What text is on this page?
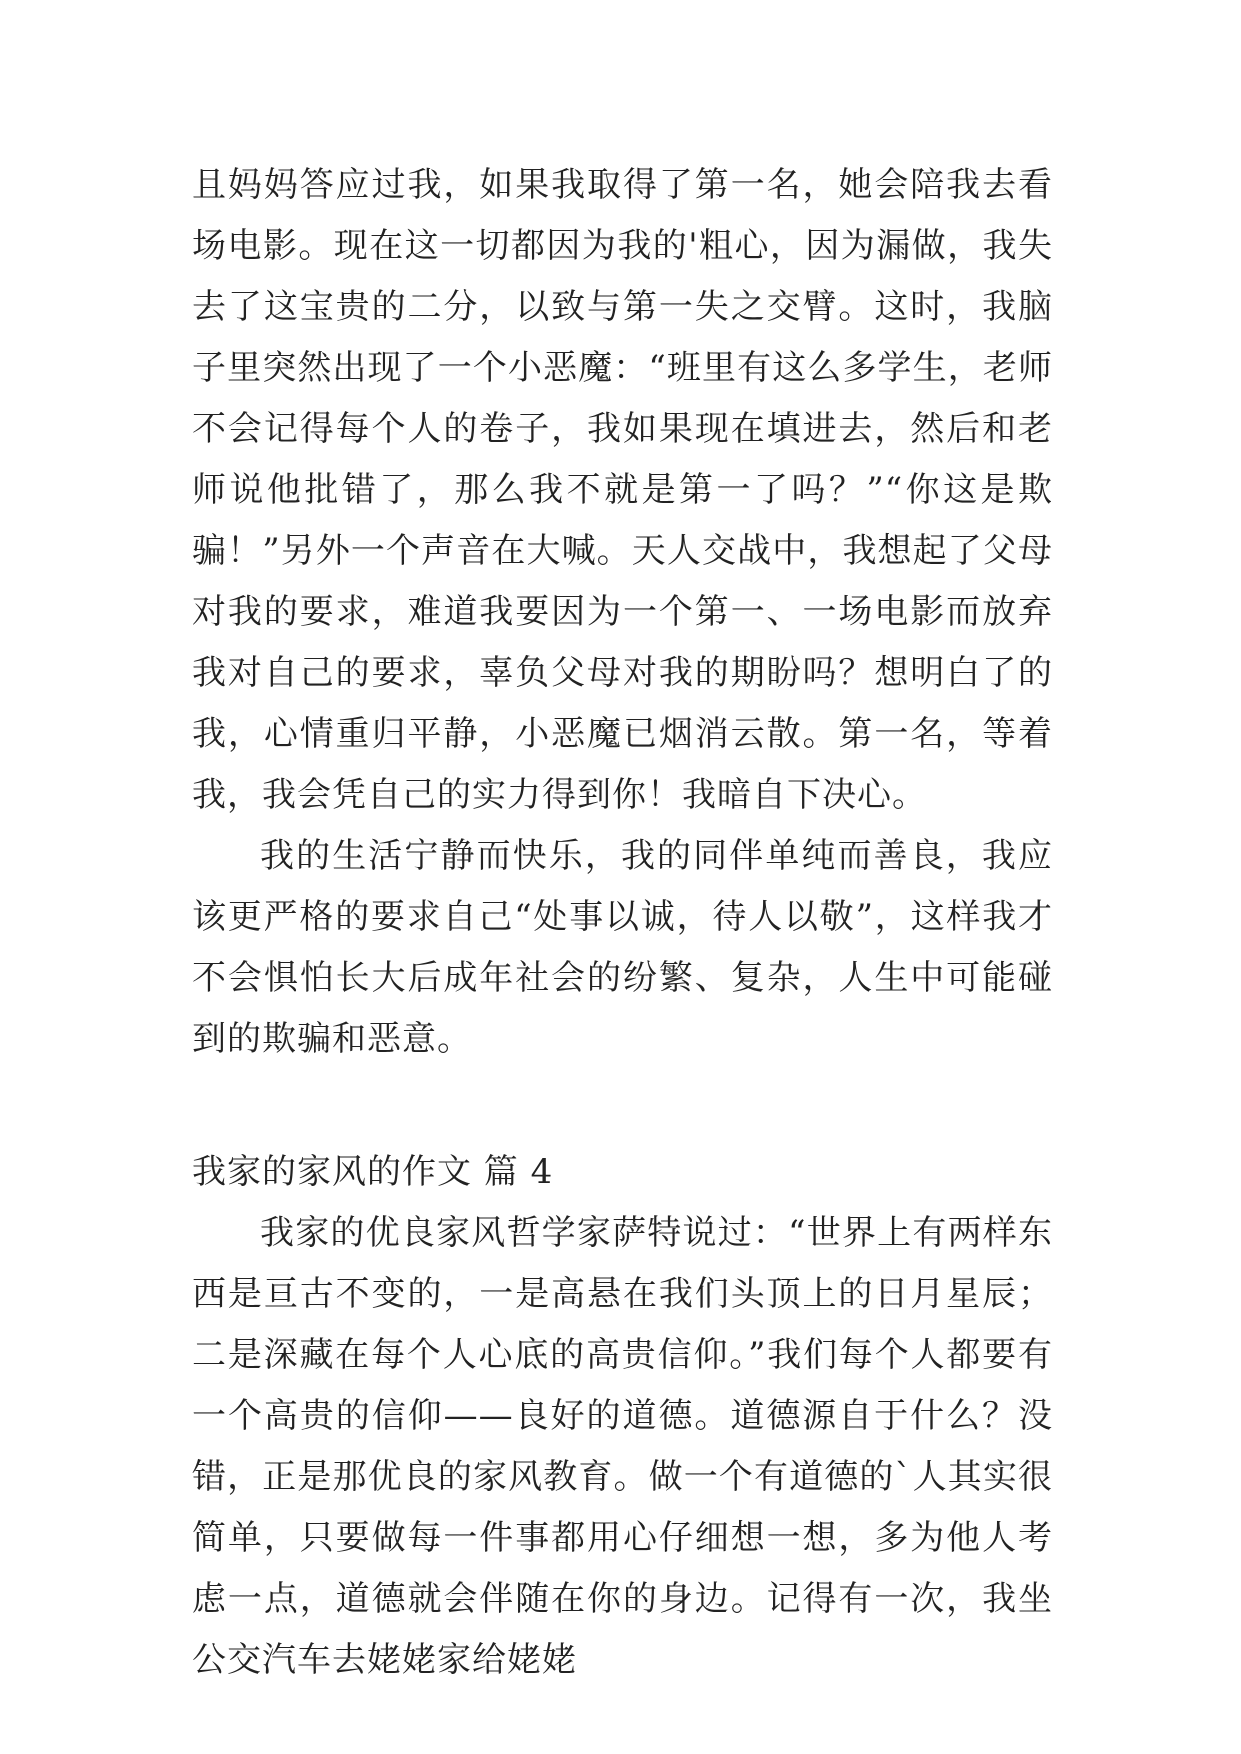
且妈妈答应过我，如果我取得了第一名，她会陪我去看场电影。现在这一切都因为我的'粗心，因为漏做，我失去了这宝贵的二分，以致与第一失之交臂。这时，我脑子里突然出现了一个小恶魔：“班里有这么多学生，老师不会记得每个人的卷子，我如果现在填进去，然后和老师说他批错了，那么我不就是第一了吗？”“你这是欺骗！”另外一个声音在大喊。天人交战中，我想起了父母对我的要求，难道我要因为一个第一、一场电影而放弃我对自己的要求，辜负父母对我的期盼吗？想明白了的我，心情重归平静，小恶魔已烟消云散。第一名，等着我，我会凭自己的实力得到你！我暗自下决心。

我的生活宁静而快乐，我的同伴单纯而善良，我应该更严格的要求自己“处事以诚，待人以敬”，这样我才不会惧怕长大后成年社会的纷繁、复杂，人生中可能碰到的欺骗和恶意。

我家的家风的作文 篇 4

我家的优良家风哲学家萨特说过：“世界上有两样东西是亘古不变的，一是高悬在我们头顶上的日月星辰；二是深藏在每个人心底的高贵信仰。”我们每个人都要有一个高贵的信仰——良好的道德。道德源自于什么？没错，正是那优良的家风教育。做一个有道德的`人其实很简单，只要做每一件事都用心仔细想一想，多为他人考虑一点，道德就会伴随在你的身边。记得有一次，我坐公交汽车去姥姥家给姥姥
